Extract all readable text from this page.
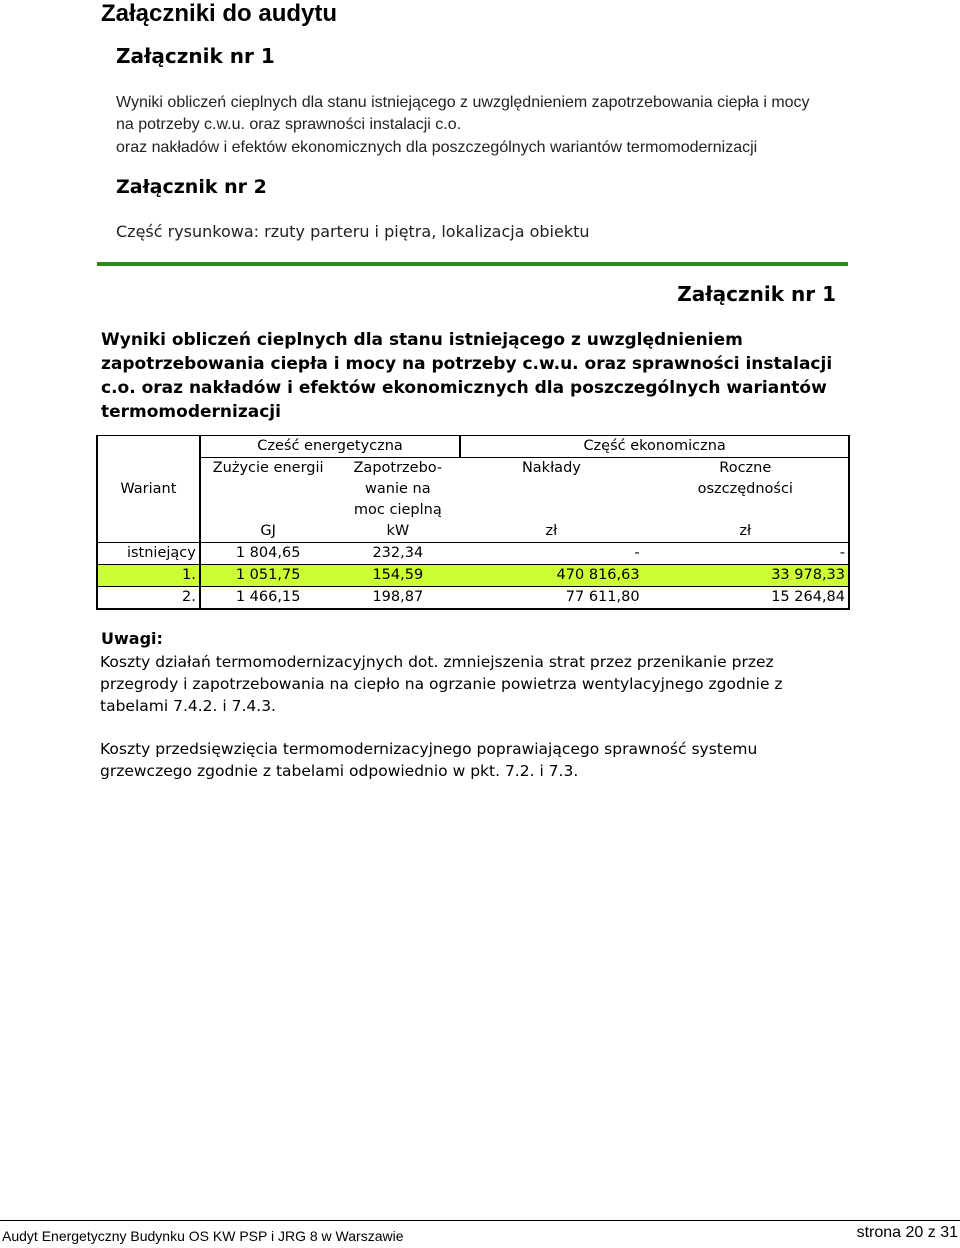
Załączniki do audytu
Załącznik nr 1
Wyniki obliczeń cieplnych dla stanu istniejącego z uwzględnieniem zapotrzebowania ciepła i mocy na potrzeby c.w.u. oraz sprawności instalacji c.o.
oraz nakładów i efektów ekonomicznych dla poszczególnych wariantów termomodernizacji
Załącznik nr 2
Część rysunkowa: rzuty parteru i piętra, lokalizacja obiektu
Załącznik nr 1
Wyniki obliczeń cieplnych dla stanu istniejącego z uwzględnieniem zapotrzebowania ciepła i mocy na potrzeby c.w.u. oraz sprawności instalacji c.o. oraz nakładów i efektów ekonomicznych dla poszczególnych wariantów termomodernizacji
	Cześć energetyczna		Część ekonomiczna	
Wariant	Zużycie energii	Zapotrzebo-	Nakłady	Roczne
		wanie na		oszczędności
		moc cieplną		
	GJ	kW	zł	zł
istniejący	1 804,65	232,34	-	-
1.	1 051,75	154,59	470 816,63	33 978,33
2.	1 466,15	198,87	77 611,80	15 264,84
Uwagi:
Koszty działań termomodernizacyjnych dot. zmniejszenia strat przez przenikanie przez przegrody i zapotrzebowania na ciepło na ogrzanie powietrza wentylacyjnego zgodnie z tabelami 7.4.2. i 7.4.3.
Koszty przedsięwzięcia termomodernizacyjnego poprawiającego sprawność systemu grzewczego zgodnie z tabelami odpowiednio w pkt. 7.2. i 7.3.
Audyt Energetyczny Budynku OS KW PSP i JRG 8 w Warszawie	strona 20 z 31
